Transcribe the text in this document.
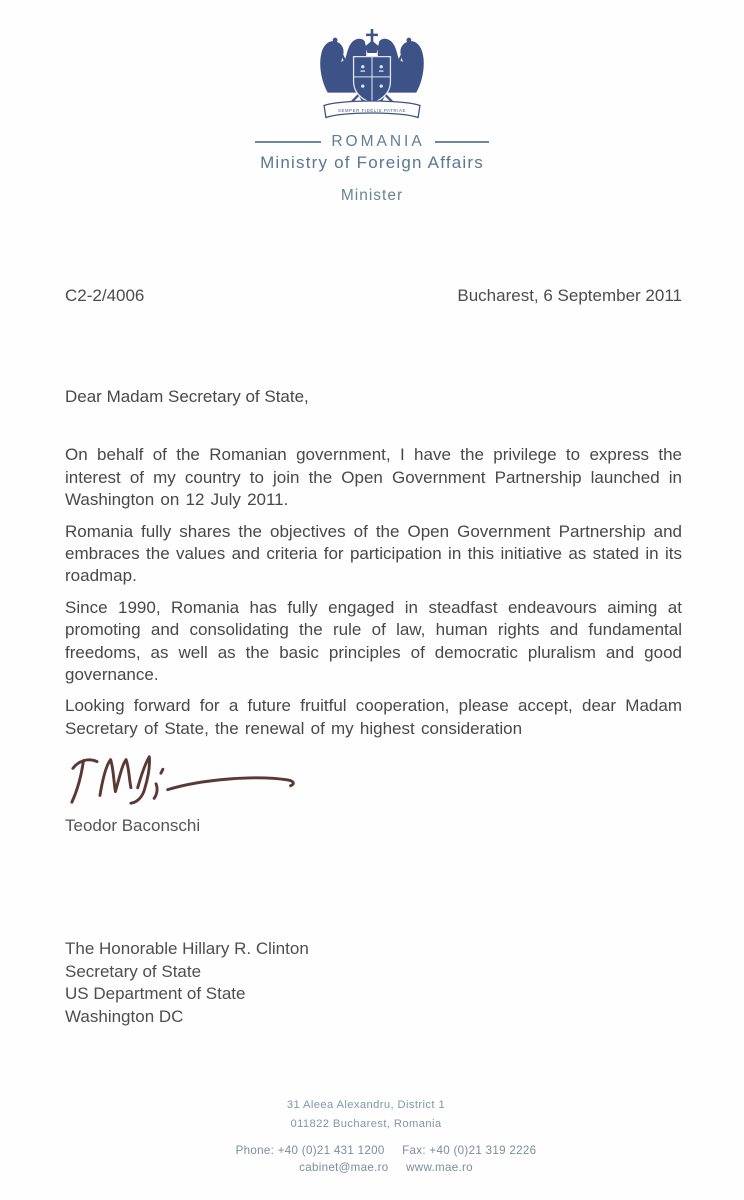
SEMPER FIDELIS PATRIAE
ROMANIA
Ministry of Foreign Affairs
Minister
C2-2/4006	Bucharest, 6 September 2011
Dear Madam Secretary of State,

On behalf of the Romanian government, I have the privilege to express the interest of my country to join the Open Government Partnership launched in Washington on 12 July 2011.

Romania fully shares the objectives of the Open Government Partnership and embraces the values and criteria for participation in this initiative as stated in its roadmap.

Since 1990, Romania has fully engaged in steadfast endeavours aiming at promoting and consolidating the rule of law, human rights and fundamental freedoms, as well as the basic principles of democratic pluralism and good governance.

Looking forward for a future fruitful cooperation, please accept, dear Madam Secretary of State, the renewal of my highest consideration

Teodor Baconschi
The Honorable Hillary R. Clinton
Secretary of State
US Department of State
Washington DC
31 Aleea Alexandru, District 1
011822 Bucharest, Romania
Phone: +40 (0)21 431 1200 Fax: +40 (0)21 319 2226
cabinet@mae.ro www.mae.ro
